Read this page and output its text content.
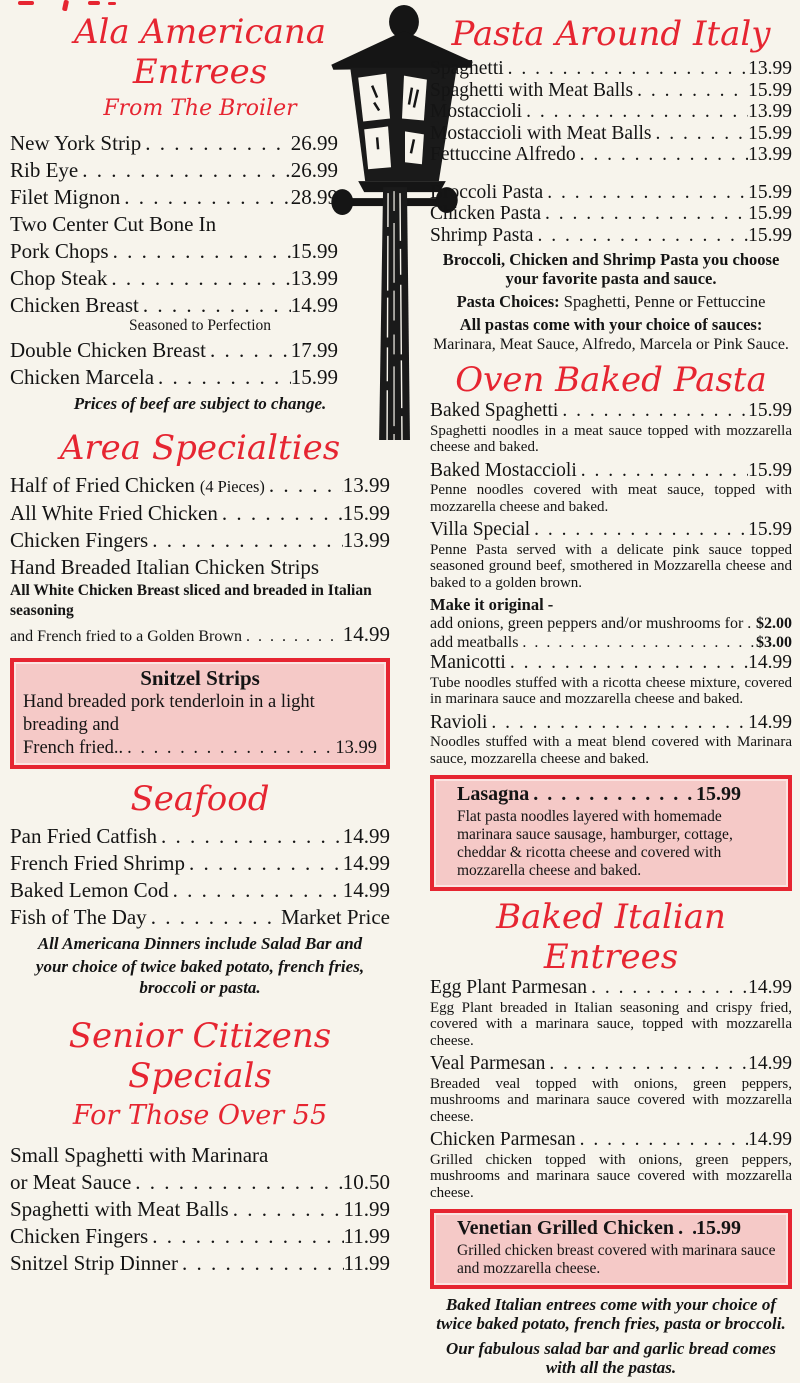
Ala Americana Entrees
From The Broiler
New York Strip . . .	26.99
Rib Eye . . .	26.99
Filet Mignon . . .	28.99
Two Center Cut Bone In
Pork Chops . . .	15.99
Chop Steak . . .	13.99
Chicken Breast . . .	14.99
Seasoned to Perfection
Double Chicken Breast . . .	17.99
Chicken Marcela . . .	15.99
Prices of beef are subject to change.
Area Specialties
Half of Fried Chicken (4 Pieces) . . .	13.99
All White Fried Chicken . . .	15.99
Chicken Fingers . . .	13.99
Hand Breaded Italian Chicken Strips
All White Chicken Breast sliced and breaded in Italian seasoning
and French fried to a Golden Brown . . .	14.99
Snitzel Strips
Hand breaded pork tenderloin in a light breading and
French fried.. . . .	13.99
Seafood
Pan Fried Catfish . . .	14.99
French Fried Shrimp . . .	14.99
Baked Lemon Cod . . .	14.99
Fish of The Day . . .	Market Price
All Americana Dinners include Salad Bar and
your choice of twice baked potato, french fries, broccoli or pasta.
Senior Citizens Specials
For Those Over 55
Small Spaghetti with Marinara
or Meat Sauce . . .	10.50
Spaghetti with Meat Balls . . .	11.99
Chicken Fingers . . .	11.99
Snitzel Strip Dinner . . .	11.99
Pasta Around Italy
Spaghetti . . .	13.99
Spaghetti with Meat Balls . . .	15.99
Mostaccioli . . .	13.99
Mostaccioli with Meat Balls . . .	15.99
Fettuccine Alfredo . . .	13.99
Broccoli Pasta . . .	15.99
Chicken Pasta . . .	15.99
Shrimp Pasta . . .	15.99
Broccoli, Chicken and Shrimp Pasta you choose your favorite pasta and sauce.
Pasta Choices: Spaghetti, Penne or Fettuccine
All pastas come with your choice of sauces:
Marinara, Meat Sauce, Alfredo, Marcela or Pink Sauce.
Oven Baked Pasta
Baked Spaghetti . . .	15.99
Spaghetti noodles in a meat sauce topped with mozzarella cheese and baked.
Baked Mostaccioli . . .	15.99
Penne noodles covered with meat sauce, topped with mozzarella cheese and baked.
Villa Special . . .	15.99
Penne Pasta served with a delicate pink sauce topped seasoned ground beef, smothered in Mozzarella cheese and baked to a golden brown.
Make it original -
add onions, green peppers and/or mushrooms for . . . $2.00
add meatballs . . .	$3.00
Manicotti . . .	14.99
Tube noodles stuffed with a ricotta cheese mixture, covered in marinara sauce and mozzarella cheese and baked.
Ravioli . . .	14.99
Noodles stuffed with a meat blend covered with Marinara sauce, mozzarella cheese and baked.
Lasagna . . .	15.99
Flat pasta noodles layered with homemade marinara sauce sausage, hamburger, cottage, cheddar & ricotta cheese and covered with mozzarella cheese and baked.
Baked Italian Entrees
Egg Plant Parmesan . . .	14.99
Egg Plant breaded in Italian seasoning and crispy fried, covered with a marinara sauce, topped with mozzarella cheese.
Veal Parmesan . . .	14.99
Breaded veal topped with onions, green peppers, mushrooms and marinara sauce covered with mozzarella cheese.
Chicken Parmesan . . .	14.99
Grilled chicken topped with onions, green peppers, mushrooms and marinara sauce covered with mozzarella cheese.
Venetian Grilled Chicken . . . 15.99
Grilled chicken breast covered with marinara sauce and mozzarella cheese.
Baked Italian entrees come with your choice of twice baked potato, french fries, pasta or broccoli.
Our fabulous salad bar and garlic bread comes with all the pastas.
